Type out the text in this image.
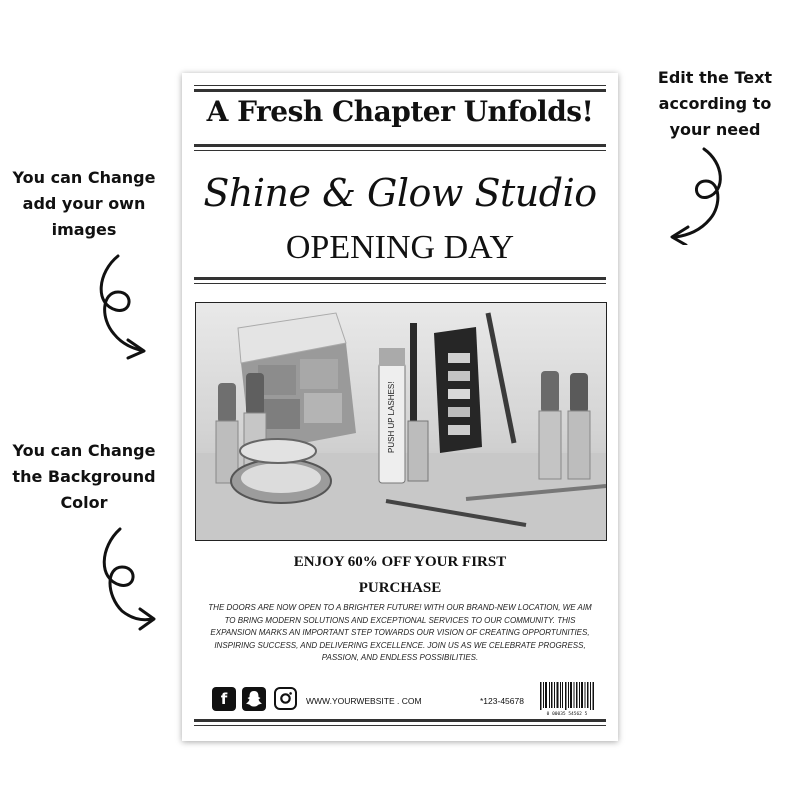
You can Change add your own images
You can Change the Background Color
Edit the Text according to your need
A Fresh Chapter Unfolds!
Shine & Glow Studio
OPENING DAY
PUSH UP LASHES!
ENJOY 60% OFF YOUR FIRST
PURCHASE
THE DOORS ARE NOW OPEN TO A BRIGHTER FUTURE! WITH OUR BRAND-NEW LOCATION, WE AIM TO BRING MODERN SOLUTIONS AND EXCEPTIONAL SERVICES TO OUR COMMUNITY. THIS EXPANSION MARKS AN IMPORTANT STEP TOWARDS OUR VISION OF CREATING OPPORTUNITIES, INSPIRING SUCCESS, AND DELIVERING EXCELLENCE. JOIN US AS WE CELEBRATE PROGRESS, PASSION, AND ENDLESS POSSIBILITIES.
f	WWW.YOURWEBSITE . COM	*123-45678
0 00035 54562 5
